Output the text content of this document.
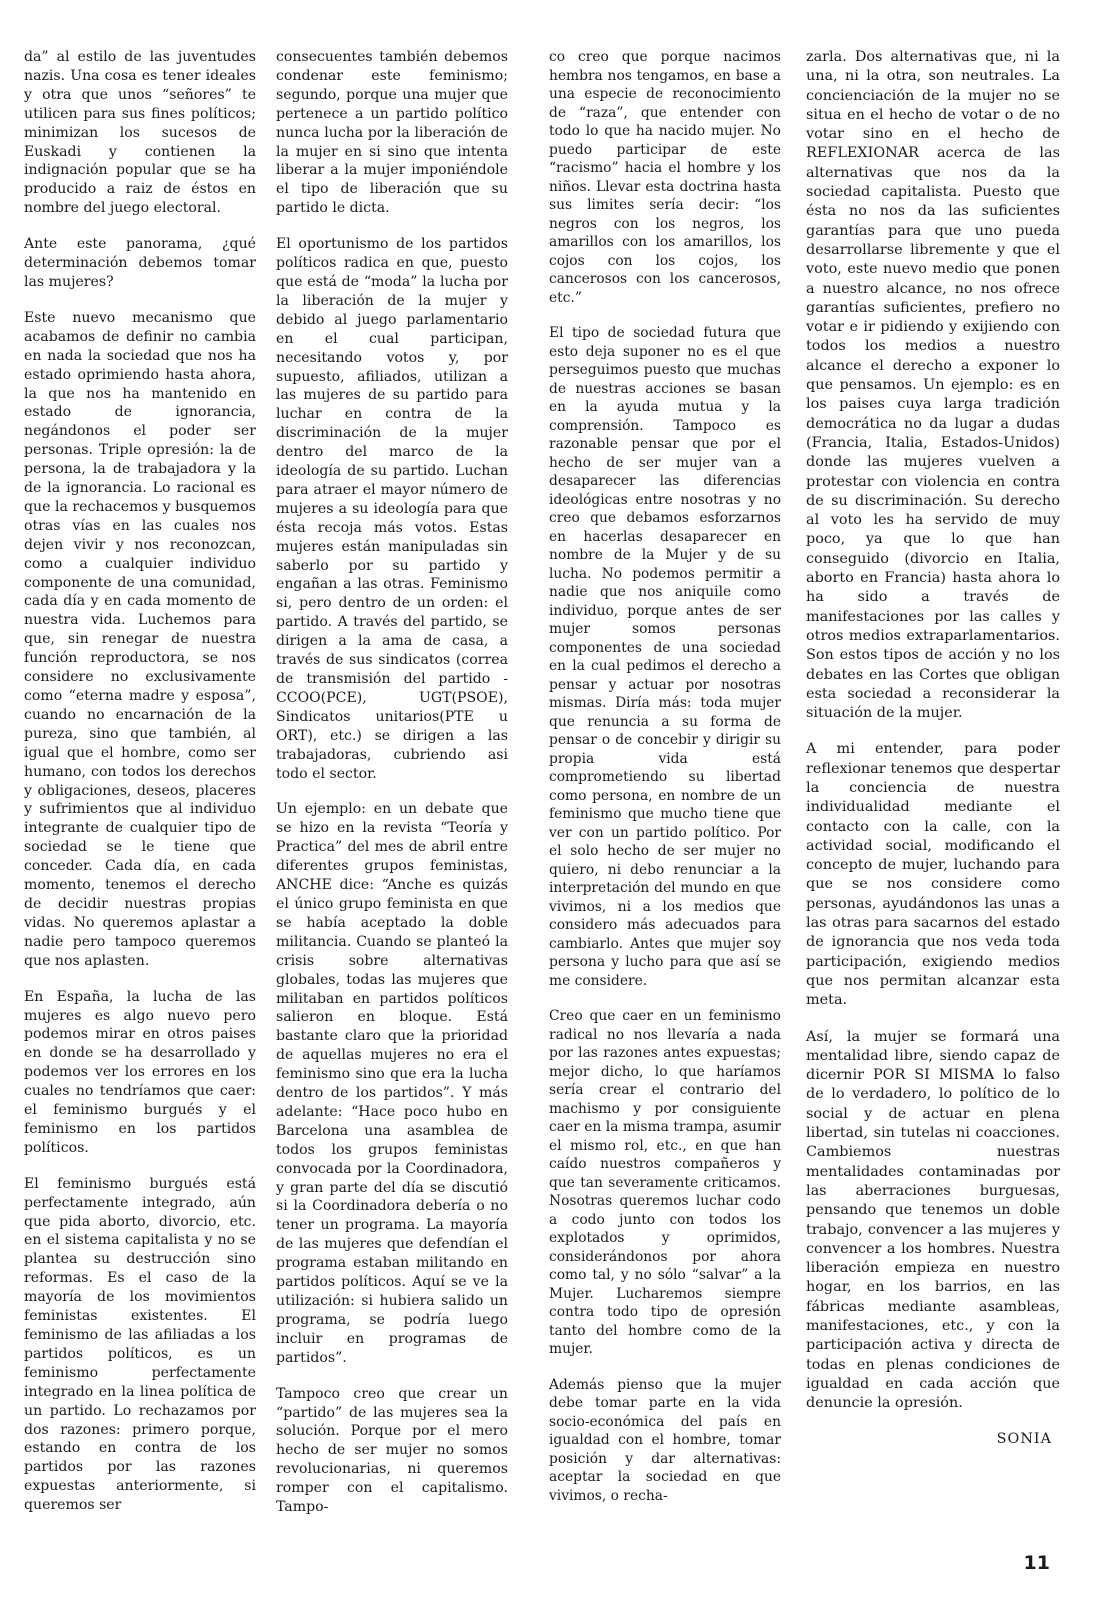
da” al estilo de las juventudes nazis. Una cosa es tener ideales y otra que unos “señores” te utilicen para sus fines políticos; minimizan los sucesos de Euskadi y contienen la indignación popular que se ha producido a raiz de éstos en nombre del juego electoral.

Ante este panorama, ¿qué determinación debemos tomar las mujeres?

Este nuevo mecanismo que acabamos de definir no cambia en nada la sociedad que nos ha estado oprimiendo hasta ahora, la que nos ha mantenido en estado de ignorancia, negándonos el poder ser personas. Triple opresión: la de persona, la de trabajadora y la de la ignorancia. Lo racional es que la rechacemos y busquemos otras vías en las cuales nos dejen vivir y nos reconozcan, como a cualquier individuo componente de una comunidad, cada día y en cada momento de nuestra vida. Luchemos para que, sin renegar de nuestra función reproductora, se nos considere no exclusivamente como “eterna madre y esposa”, cuando no encarnación de la pureza, sino que también, al igual que el hombre, como ser humano, con todos los derechos y obligaciones, deseos, placeres y sufrimientos que al individuo integrante de cualquier tipo de sociedad se le tiene que conceder. Cada día, en cada momento, tenemos el derecho de decidir nuestras propias vidas. No queremos aplastar a nadie pero tampoco queremos que nos aplasten.

En España, la lucha de las mujeres es algo nuevo pero podemos mirar en otros paises en donde se ha desarrollado y podemos ver los errores en los cuales no tendríamos que caer: el feminismo burgués y el feminismo en los partidos políticos.

El feminismo burgués está perfectamente integrado, aún que pida aborto, divorcio, etc. en el sistema capitalista y no se plantea su destrucción sino reformas. Es el caso de la mayoría de los movimientos feministas existentes. El feminismo de las afiliadas a los partidos políticos, es un feminismo perfectamente integrado en la linea política de un partido. Lo rechazamos por dos razones: primero porque, estando en contra de los partidos por las razones expuestas anteriormente, si queremos ser

consecuentes también debemos condenar este feminismo; segundo, porque una mujer que pertenece a un partido político nunca lucha por la liberación de la mujer en si sino que intenta liberar a la mujer imponiéndole el tipo de liberación que su partido le dicta.

El oportunismo de los partidos políticos radica en que, puesto que está de “moda” la lucha por la liberación de la mujer y debido al juego parlamentario en el cual participan, necesitando votos y, por supuesto, afiliados, utilizan a las mujeres de su partido para luchar en contra de la discriminación de la mujer dentro del marco de la ideología de su partido. Luchan para atraer el mayor número de mujeres a su ideología para que ésta recoja más votos. Estas mujeres están manipuladas sin saberlo por su partido y engañan a las otras. Feminismo si, pero dentro de un orden: el partido. A través del partido, se dirigen a la ama de casa, a través de sus sindicatos (correa de transmisión del partido - CCOO(PCE), UGT(PSOE), Sindicatos unitarios(PTE u ORT), etc.) se dirigen a las trabajadoras, cubriendo asi todo el sector.

Un ejemplo: en un debate que se hizo en la revista “Teoría y Practica” del mes de abril entre diferentes grupos feministas, ANCHE dice: “Anche es quizás el único grupo feminista en que se había aceptado la doble militancia. Cuando se planteó la crisis sobre alternativas globales, todas las mujeres que militaban en partidos políticos salieron en bloque. Está bastante claro que la prioridad de aquellas mujeres no era el feminismo sino que era la lucha dentro de los partidos”. Y más adelante: “Hace poco hubo en Barcelona una asamblea de todos los grupos feministas convocada por la Coordinadora, y gran parte del día se discutió si la Coordinadora debería o no tener un programa. La mayoría de las mujeres que defendían el programa estaban militando en partidos políticos. Aquí se ve la utilización: si hubiera salido un programa, se podría luego incluir en programas de partidos”.

Tampoco creo que crear un “partido” de las mujeres sea la solución. Porque por el mero hecho de ser mujer no somos revolucionarias, ni queremos romper con el capitalismo. Tampo-

co creo que porque nacimos hembra nos tengamos, en base a una especie de reconocimiento de “raza”, que entender con todo lo que ha nacido mujer. No puedo participar de este “racismo” hacia el hombre y los niños. Llevar esta doctrina hasta sus limites sería decir: “los negros con los negros, los amarillos con los amarillos, los cojos con los cojos, los cancerosos con los cancerosos, etc.”

El tipo de sociedad futura que esto deja suponer no es el que perseguimos puesto que muchas de nuestras acciones se basan en la ayuda mutua y la comprensión. Tampoco es razonable pensar que por el hecho de ser mujer van a desaparecer las diferencias ideológicas entre nosotras y no creo que debamos esforzarnos en hacerlas desaparecer en nombre de la Mujer y de su lucha. No podemos permitir a nadie que nos aniquile como individuo, porque antes de ser mujer somos personas componentes de una sociedad en la cual pedimos el derecho a pensar y actuar por nosotras mismas. Diría más: toda mujer que renuncia a su forma de pensar o de concebir y dirigir su propia vida está comprometiendo su libertad como persona, en nombre de un feminismo que mucho tiene que ver con un partido político. Por el solo hecho de ser mujer no quiero, ni debo renunciar a la interpretación del mundo en que vivimos, ni a los medios que considero más adecuados para cambiarlo. Antes que mujer soy persona y lucho para que así se me considere.

Creo que caer en un feminismo radical no nos llevaría a nada por las razones antes expuestas; mejor dicho, lo que haríamos sería crear el contrario del machismo y por consiguiente caer en la misma trampa, asumir el mismo rol, etc., en que han caído nuestros compañeros y que tan severamente criticamos. Nosotras queremos luchar codo a codo junto con todos los explotados y oprimidos, considerándonos por ahora como tal, y no sólo “salvar” a la Mujer. Lucharemos siempre contra todo tipo de opresión tanto del hombre como de la mujer.

Además pienso que la mujer debe tomar parte en la vida socio-económica del país en igualdad con el hombre, tomar posición y dar alternativas: aceptar la sociedad en que vivimos, o recha-

zarla. Dos alternativas que, ni la una, ni la otra, son neutrales. La concienciación de la mujer no se situa en el hecho de votar o de no votar sino en el hecho de REFLEXIONAR acerca de las alternativas que nos da la sociedad capitalista. Puesto que ésta no nos da las suficientes garantías para que uno pueda desarrollarse libremente y que el voto, este nuevo medio que ponen a nuestro alcance, no nos ofrece garantías suficientes, prefiero no votar e ir pidiendo y exijiendo con todos los medios a nuestro alcance el derecho a exponer lo que pensamos. Un ejemplo: es en los paises cuya larga tradición democrática no da lugar a dudas (Francia, Italia, Estados-Unidos) donde las mujeres vuelven a protestar con violencia en contra de su discriminación. Su derecho al voto les ha servido de muy poco, ya que lo que han conseguido (divorcio en Italia, aborto en Francia) hasta ahora lo ha sido a través de manifestaciones por las calles y otros medios extraparlamentarios. Son estos tipos de acción y no los debates en las Cortes que obligan esta sociedad a reconsiderar la situación de la mujer.

A mi entender, para poder reflexionar tenemos que despertar la conciencia de nuestra individualidad mediante el contacto con la calle, con la actividad social, modificando el concepto de mujer, luchando para que se nos considere como personas, ayudándonos las unas a las otras para sacarnos del estado de ignorancia que nos veda toda participación, exigiendo medios que nos permitan alcanzar esta meta.

Así, la mujer se formará una mentalidad libre, siendo capaz de dicernir POR SI MISMA lo falso de lo verdadero, lo político de lo social y de actuar en plena libertad, sin tutelas ni coacciones. Cambiemos nuestras mentalidades contaminadas por las aberraciones burguesas, pensando que tenemos un doble trabajo, convencer a las mujeres y convencer a los hombres. Nuestra liberación empieza en nuestro hogar, en los barrios, en las fábricas mediante asambleas, manifestaciones, etc., y con la participación activa y directa de todas en plenas condiciones de igualdad en cada acción que denuncie la opresión.

SONIA

11
